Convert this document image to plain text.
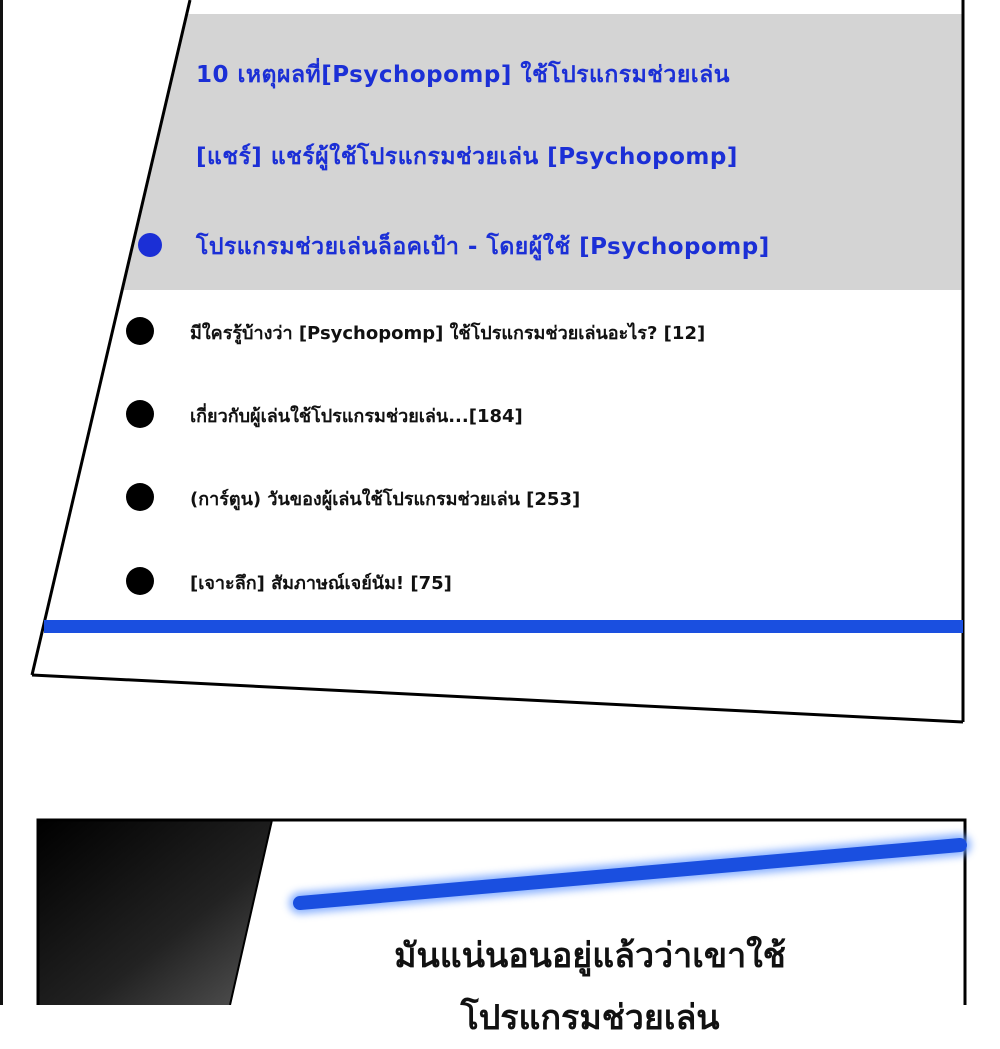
10 เหตุผลที่[Psychopomp] ใช้โปรแกรมช่วยเล่น
[แชร์] แชร์ผู้ใช้โปรแกรมช่วยเล่น [Psychopomp]
โปรแกรมช่วยเล่นล็อคเป้า - โดยผู้ใช้ [Psychopomp]
มีใครรู้บ้างว่า [Psychopomp] ใช้โปรแกรมช่วยเล่นอะไร? [12]
เกี่ยวกับผู้เล่นใช้โปรแกรมช่วยเล่น...[184]
(การ์ตูน) วันของผู้เล่นใช้โปรแกรมช่วยเล่น [253]
[เจาะลึก] สัมภาษณ์เจย์นัม! [75]
มันแน่นอนอยู่แล้วว่าเขาใช้
โปรแกรมช่วยเล่น
